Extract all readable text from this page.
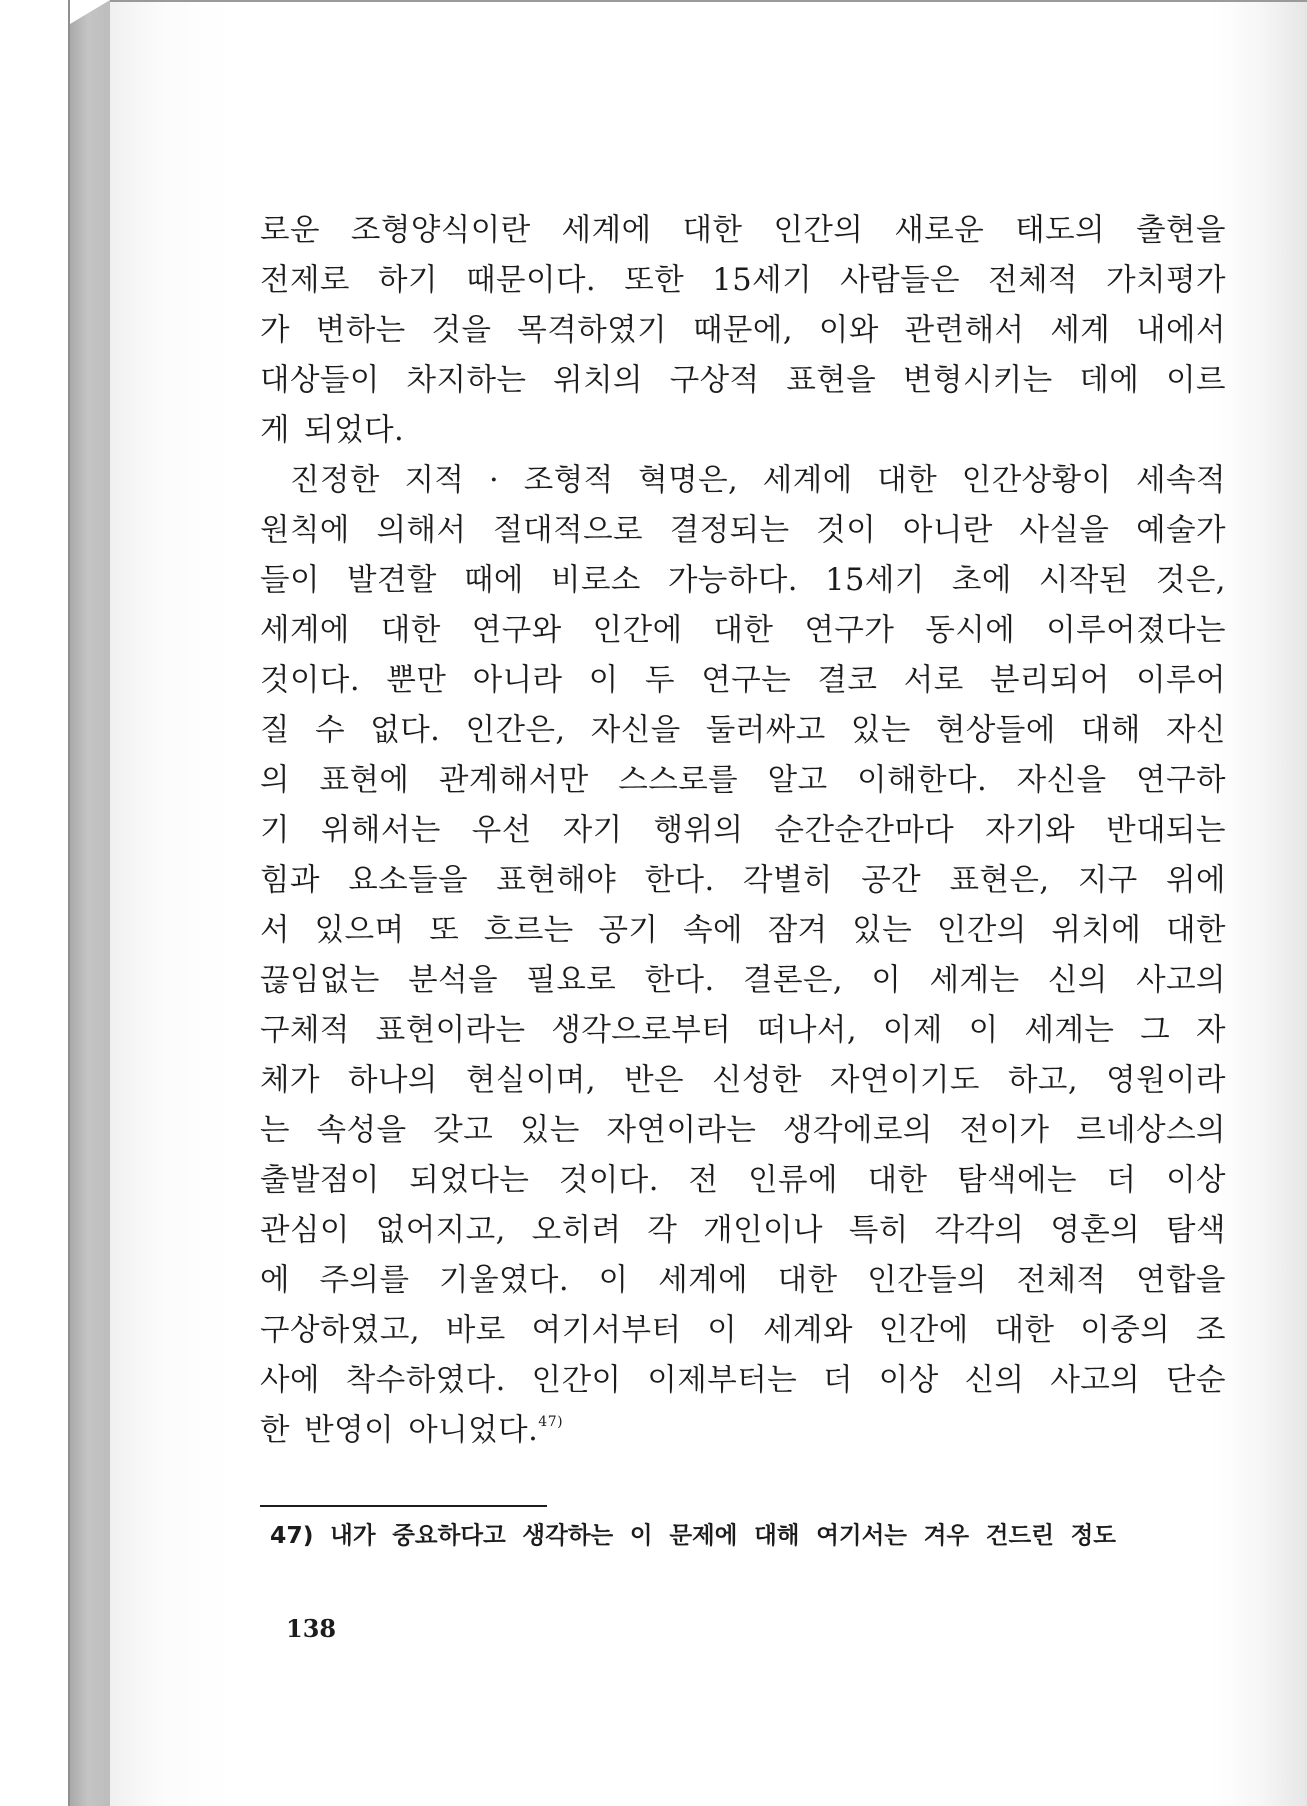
로운 조형양식이란 세계에 대한 인간의 새로운 태도의 출현을
전제로 하기 때문이다. 또한 15세기 사람들은 전체적 가치평가
가 변하는 것을 목격하였기 때문에, 이와 관련해서 세계 내에서
대상들이 차지하는 위치의 구상적 표현을 변형시키는 데에 이르
게 되었다.
진정한 지적 · 조형적 혁명은, 세계에 대한 인간상황이 세속적
원칙에 의해서 절대적으로 결정되는 것이 아니란 사실을 예술가
들이 발견할 때에 비로소 가능하다. 15세기 초에 시작된 것은,
세계에 대한 연구와 인간에 대한 연구가 동시에 이루어졌다는
것이다. 뿐만 아니라 이 두 연구는 결코 서로 분리되어 이루어
질 수 없다. 인간은, 자신을 둘러싸고 있는 현상들에 대해 자신
의 표현에 관계해서만 스스로를 알고 이해한다. 자신을 연구하
기 위해서는 우선 자기 행위의 순간순간마다 자기와 반대되는
힘과 요소들을 표현해야 한다. 각별히 공간 표현은, 지구 위에
서 있으며 또 흐르는 공기 속에 잠겨 있는 인간의 위치에 대한
끊임없는 분석을 필요로 한다. 결론은, 이 세계는 신의 사고의
구체적 표현이라는 생각으로부터 떠나서, 이제 이 세계는 그 자
체가 하나의 현실이며, 반은 신성한 자연이기도 하고, 영원이라
는 속성을 갖고 있는 자연이라는 생각에로의 전이가 르네상스의
출발점이 되었다는 것이다. 전 인류에 대한 탐색에는 더 이상
관심이 없어지고, 오히려 각 개인이나 특히 각각의 영혼의 탐색
에 주의를 기울였다. 이 세계에 대한 인간들의 전체적 연합을
구상하였고, 바로 여기서부터 이 세계와 인간에 대한 이중의 조
사에 착수하였다. 인간이 이제부터는 더 이상 신의 사고의 단순
한 반영이 아니었다.$^{47)}$
47) 내가 중요하다고 생각하는 이 문제에 대해 여기서는 겨우 건드린 정도
138
